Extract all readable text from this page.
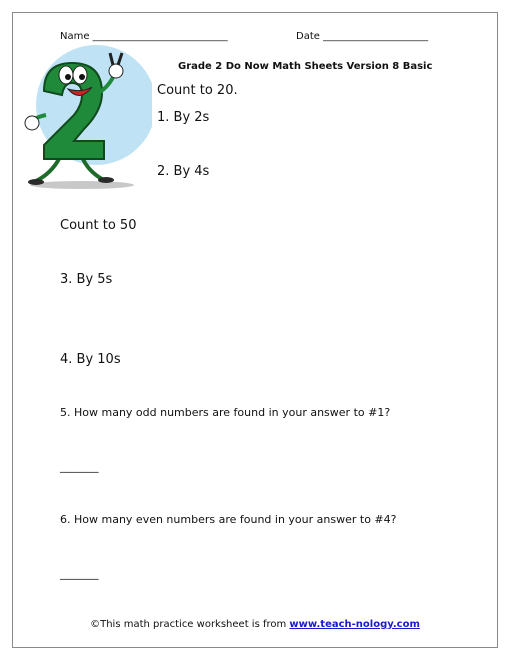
Name ___________________________	Date _____________________
Grade 2 Do Now Math Sheets Version 8 Basic
Count to 20.
1. By 2s
2. By 4s
Count to 50
3. By 5s
4. By 10s
5. How many odd numbers are found in your answer to #1?
_______
6. How many even numbers are found in your answer to #4?
_______
©This math practice worksheet is from www.teach-nology.com
